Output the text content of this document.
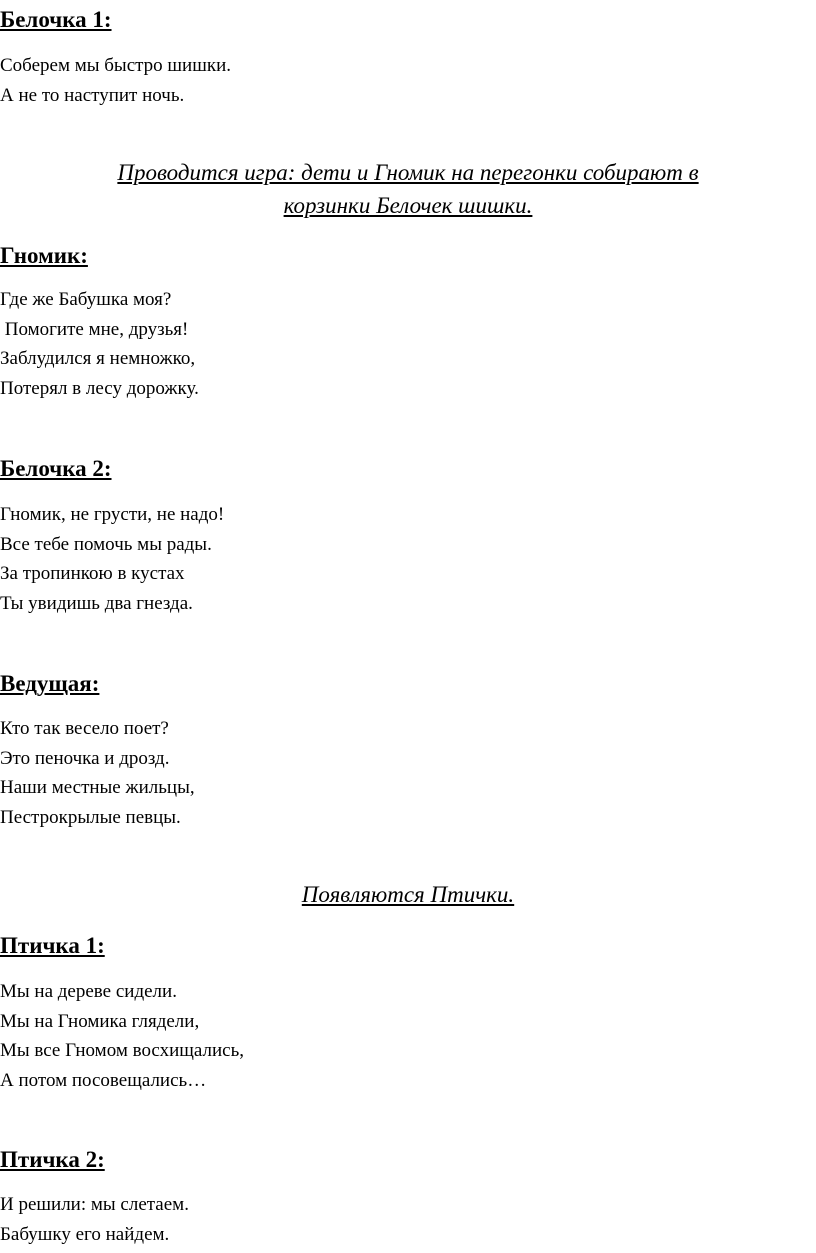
Белочка 1:

Соберем мы быстро шишки.

А не то наступит ночь.

Проводится игра: дети и Гномик на перегонки собирают в
корзинки Белочек шишки.
Гномик:

Где же Бабушка моя?

Помогите мне, друзья!

Заблудился я немножко,

Потерял в лесу дорожку.

Белочка 2:

Гномик, не грусти, не надо!

Все тебе помочь мы рады.

За тропинкою в кустах

Ты увидишь два гнезда.

Ведущая:

Кто так весело поет?

Это пеночка и дрозд.

Наши местные жильцы,

Пестрокрылые певцы.

Появляются Птички.
Птичка 1:

Мы на дереве сидели.

Мы на Гномика глядели,

Мы все Гномом восхищались,

А потом посовещались…

Птичка 2:

И решили: мы слетаем.

Бабушку его найдем.
